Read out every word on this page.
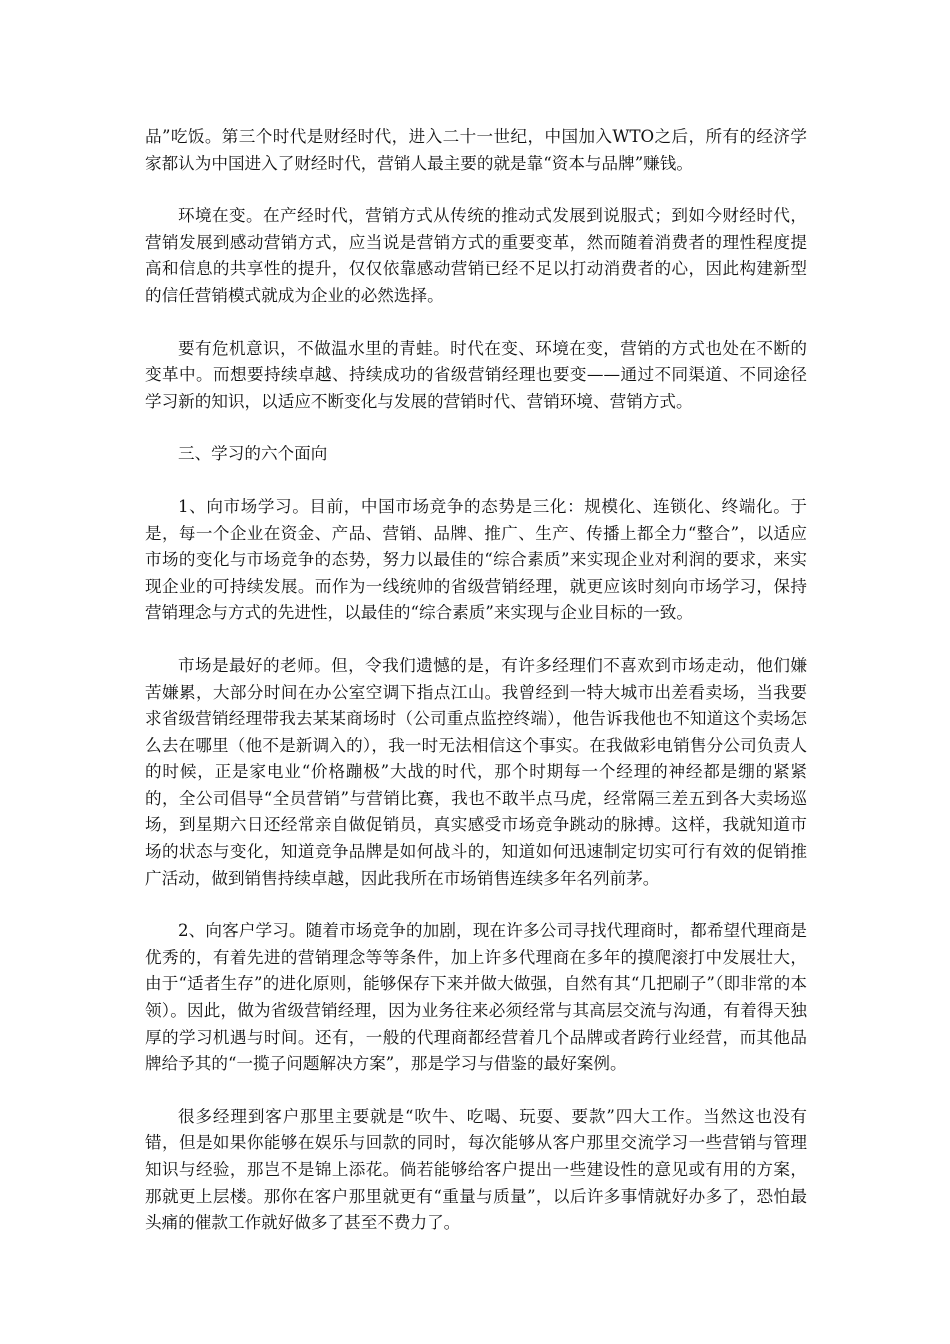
品”吃饭。第三个时代是财经时代，进入二十一世纪，中国加入WTO之后，所有的经济学家都认为中国进入了财经时代，营销人最主要的就是靠“资本与品牌”赚钱。

环境在变。在产经时代，营销方式从传统的推动式发展到说服式；到如今财经时代，营销发展到感动营销方式，应当说是营销方式的重要变革，然而随着消费者的理性程度提高和信息的共享性的提升，仅仅依靠感动营销已经不足以打动消费者的心，因此构建新型的信任营销模式就成为企业的必然选择。

要有危机意识，不做温水里的青蛙。时代在变、环境在变，营销的方式也处在不断的变革中。而想要持续卓越、持续成功的省级营销经理也要变——通过不同渠道、不同途径学习新的知识，以适应不断变化与发展的营销时代、营销环境、营销方式。

三、学习的六个面向

1、向市场学习。目前，中国市场竞争的态势是三化：规模化、连锁化、终端化。于是，每一个企业在资金、产品、营销、品牌、推广、生产、传播上都全力“整合”，以适应市场的变化与市场竞争的态势，努力以最佳的“综合素质”来实现企业对利润的要求，来实现企业的可持续发展。而作为一线统帅的省级营销经理，就更应该时刻向市场学习，保持营销理念与方式的先进性，以最佳的“综合素质”来实现与企业目标的一致。

市场是最好的老师。但，令我们遗憾的是，有许多经理们不喜欢到市场走动，他们嫌苦嫌累，大部分时间在办公室空调下指点江山。我曾经到一特大城市出差看卖场，当我要求省级营销经理带我去某某商场时（公司重点监控终端），他告诉我他也不知道这个卖场怎么去在哪里（他不是新调入的），我一时无法相信这个事实。在我做彩电销售分公司负责人的时候，正是家电业“价格蹦极”大战的时代，那个时期每一个经理的神经都是绷的紧紧的，全公司倡导“全员营销”与营销比赛，我也不敢半点马虎，经常隔三差五到各大卖场巡场，到星期六日还经常亲自做促销员，真实感受市场竞争跳动的脉搏。这样，我就知道市场的状态与变化，知道竞争品牌是如何战斗的，知道如何迅速制定切实可行有效的促销推广活动，做到销售持续卓越，因此我所在市场销售连续多年名列前茅。

2、向客户学习。随着市场竞争的加剧，现在许多公司寻找代理商时，都希望代理商是优秀的，有着先进的营销理念等等条件，加上许多代理商在多年的摸爬滚打中发展壮大，由于“适者生存”的进化原则，能够保存下来并做大做强，自然有其“几把刷子”（即非常的本领）。因此，做为省级营销经理，因为业务往来必须经常与其高层交流与沟通，有着得天独厚的学习机遇与时间。还有，一般的代理商都经营着几个品牌或者跨行业经营，而其他品牌给予其的“一揽子问题解决方案”，那是学习与借鉴的最好案例。

很多经理到客户那里主要就是“吹牛、吃喝、玩耍、要款”四大工作。当然这也没有错，但是如果你能够在娱乐与回款的同时，每次能够从客户那里交流学习一些营销与管理知识与经验，那岂不是锦上添花。倘若能够给客户提出一些建设性的意见或有用的方案，那就更上层楼。那你在客户那里就更有“重量与质量”，以后许多事情就好办多了，恐怕最头痛的催款工作就好做多了甚至不费力了。
